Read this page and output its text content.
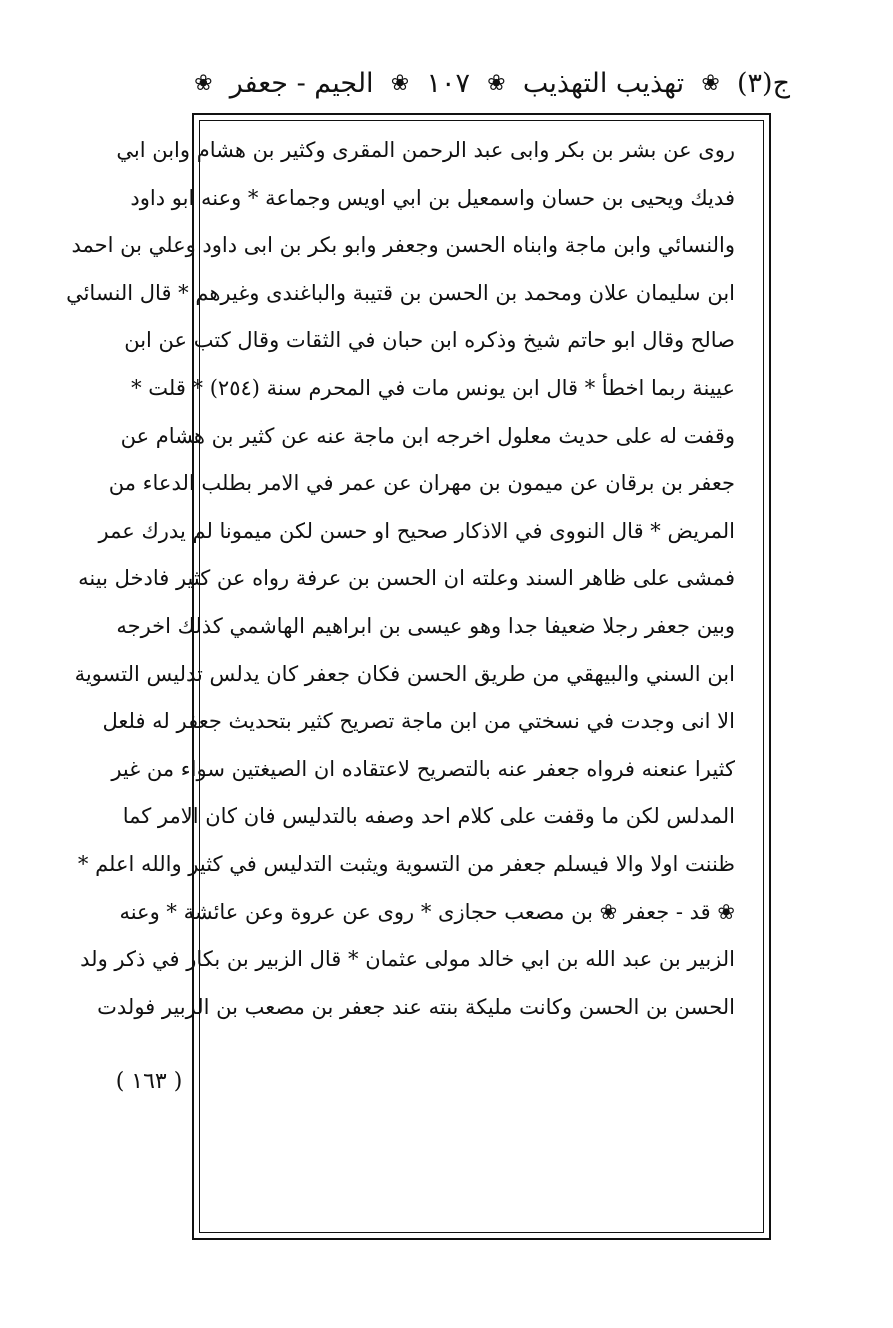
ج(٣)
❀
تهذيب التهذيب
❀
١٠٧
❀
الجيم - جعفر
❀
روى عن بشر بن بكر وابى عبد الرحمن المقرى وكثير بن هشام وابن ابي
فديك ويحيى بن حسان واسمعيل بن ابي اويس وجماعة * وعنه ابو داود
والنسائي وابن ماجة وابناه الحسن وجعفر وابو بكر بن ابى داود وعلي بن احمد
ابن سليمان علان ومحمد بن الحسن بن قتيبة والباغندى وغيرهم * قال النسائي
صالح وقال ابو حاتم شيخ وذكره ابن حبان في الثقات وقال كتب عن ابن
عيينة ربما اخطأ * قال ابن يونس مات في المحرم سنة (٢٥٤) * قلت *
وقفت له على حديث معلول اخرجه ابن ماجة عنه عن كثير بن هشام عن
جعفر بن برقان عن ميمون بن مهران عن عمر في الامر بطلب الدعاء من
المريض * قال النووى في الاذكار صحيح او حسن لكن ميمونا لم يدرك عمر
فمشى على ظاهر السند وعلته ان الحسن بن عرفة رواه عن كثير فادخل بينه
وبين جعفر رجلا ضعيفا جدا وهو عيسى بن ابراهيم الهاشمي كذلك اخرجه
ابن السني والبيهقي من طريق الحسن فكان جعفر كان يدلس تدليس التسوية
الا انى وجدت في نسختي من ابن ماجة تصريح كثير بتحديث جعفر له فلعل
كثيرا عنعنه فرواه جعفر عنه بالتصريح لاعتقاده ان الصيغتين سواء من غير
المدلس لكن ما وقفت على كلام احد وصفه بالتدليس فان كان الامر كما
ظننت اولا والا فيسلم جعفر من التسوية ويثبت التدليس في كثير والله اعلم *
❀ قد - جعفر ❀ بن مصعب حجازى * روى عن عروة وعن عائشة * وعنه
الزبير بن عبد الله بن ابي خالد مولى عثمان * قال الزبير بن بكار في ذكر ولد
الحسن بن الحسن وكانت مليكة بنته عند جعفر بن مصعب بن الزبير فولدت
( ١٦٣ )
